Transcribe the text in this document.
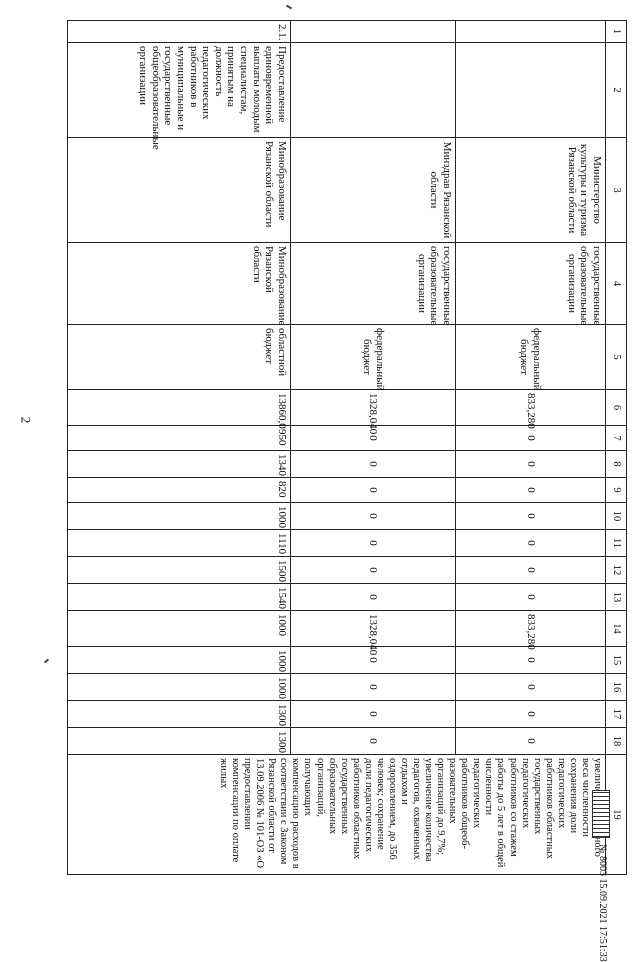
2
1	2	3	4	5	6	7	8	9	10	11	12	13	14	15	16	17	18	19
		Министерство культуры и туризма Рязанской области	государственные образовательные организации	федеральный бюджет	833,280	0	0	0	0	0	0	0	833,280	0	0	0	0	увеличение веса численности сохранения доли педагогических работников областных государственных педагогических работников со стажем работы до 5 лет в общей численности педагогических работников общеоб-разовательных организаций до 9,7%; увеличение количества педагогов, охваченных отдыхом и оздоровлением, до 356 человек; сохранение доли педагогических работников областных государственных образовательных организаций, получающих компенсацию расходов в соответствии с Законом Рязанской области от 13.09.2006 № 101-ОЗ «О предоставлении компенсации по оплате жилых
		Минздрав Рязанской области	государственные образовательные организации	федеральный бюджет	1328,040	0	0	0	0	0	0	0	1328,040	0	0	0	0	
2.1.	Предоставление единовременной выплаты молодым специалистам, принятым на должность педагогических работников в муниципальные и государственные общеобразовательные организации	Минобразование Рязанской области	Минобразование Рязанской области	областной бюджет	13860,0	950	1340	820	1000	1110	1500	1540	1000	1000	1000	1300	1300	
№ 8003 15.09.2021 17:51:33
